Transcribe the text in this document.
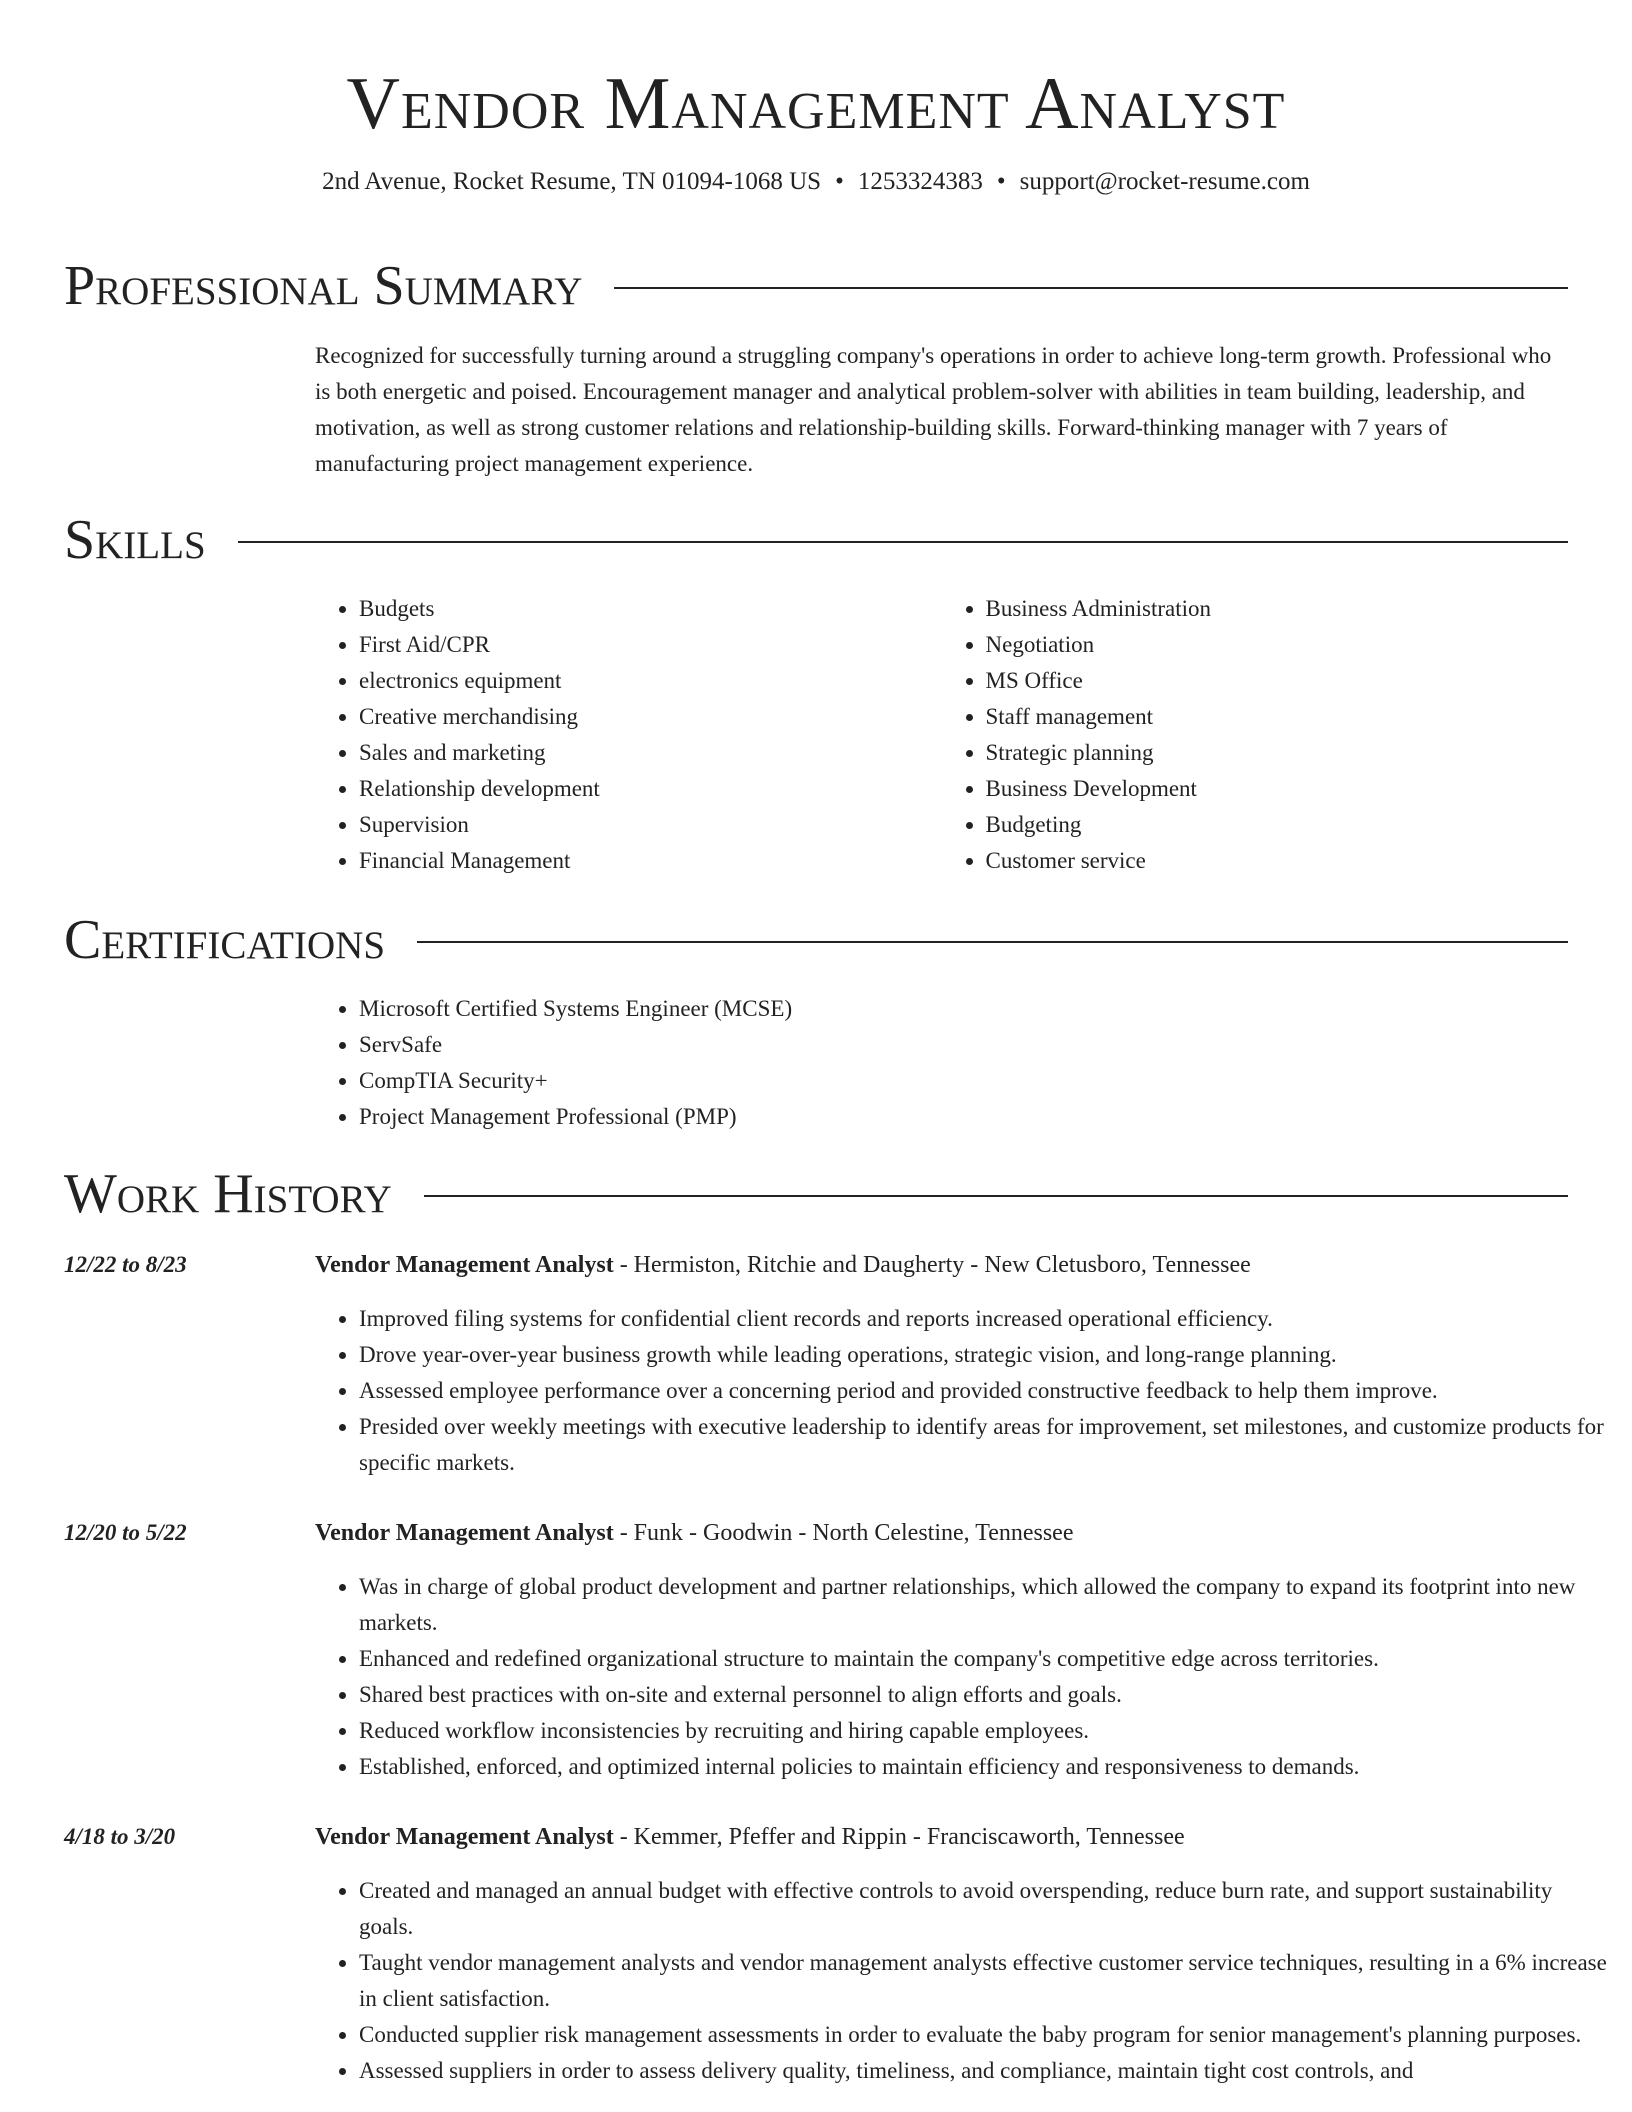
Vendor Management Analyst
2nd Avenue, Rocket Resume, TN 01094-1068 US • 1253324383 • support@rocket-resume.com
Professional Summary

Recognized for successfully turning around a struggling company's operations in order to achieve long-term growth. Professional who is both energetic and poised. Encouragement manager and analytical problem-solver with abilities in team building, leadership, and motivation, as well as strong customer relations and relationship-building skills. Forward-thinking manager with 7 years of manufacturing project management experience.

Skills
• Budgets
• First Aid/CPR
• electronics equipment
• Creative merchandising
• Sales and marketing
• Relationship development
• Supervision
• Financial Management
• Business Administration
• Negotiation
• MS Office
• Staff management
• Strategic planning
• Business Development
• Budgeting
• Customer service
Certifications
• Microsoft Certified Systems Engineer (MCSE)
• ServSafe
• CompTIA Security+
• Project Management Professional (PMP)
Work History
12/22 to 8/23	Vendor Management Analyst - Hermiston, Ritchie and Daugherty - New Cletusboro, Tennessee
• Improved filing systems for confidential client records and reports increased operational efficiency.
• Drove year-over-year business growth while leading operations, strategic vision, and long-range planning.
• Assessed employee performance over a concerning period and provided constructive feedback to help them improve.
• Presided over weekly meetings with executive leadership to identify areas for improvement, set milestones, and customize products for specific markets.
12/20 to 5/22	Vendor Management Analyst - Funk - Goodwin - North Celestine, Tennessee
• Was in charge of global product development and partner relationships, which allowed the company to expand its footprint into new markets.
• Enhanced and redefined organizational structure to maintain the company's competitive edge across territories.
• Shared best practices with on-site and external personnel to align efforts and goals.
• Reduced workflow inconsistencies by recruiting and hiring capable employees.
• Established, enforced, and optimized internal policies to maintain efficiency and responsiveness to demands.
4/18 to 3/20	Vendor Management Analyst - Kemmer, Pfeffer and Rippin - Franciscaworth, Tennessee
• Created and managed an annual budget with effective controls to avoid overspending, reduce burn rate, and support sustainability goals.
• Taught vendor management analysts and vendor management analysts effective customer service techniques, resulting in a 6% increase in client satisfaction.
• Conducted supplier risk management assessments in order to evaluate the baby program for senior management's planning purposes.
• Assessed suppliers in order to assess delivery quality, timeliness, and compliance, maintain tight cost controls, and
